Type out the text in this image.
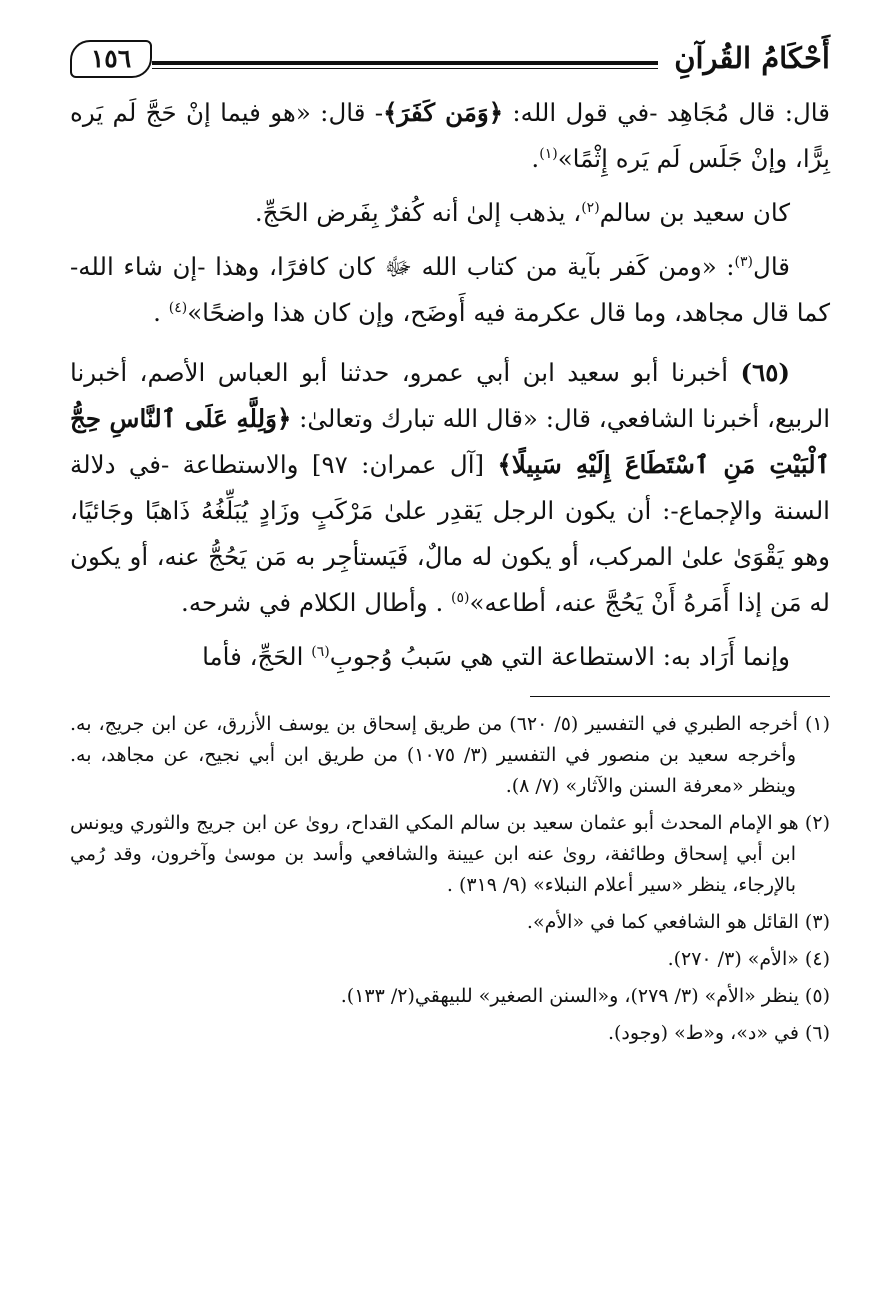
أَحْكَامُ القُرآنِ
١٥٦

قال: قال مُجَاهِد -في قول الله: ﴿وَمَن كَفَرَ﴾- قال: «هو فيما إنْ حَجَّ لَم يَره بِرًّا، وإنْ جَلَس لَم يَره إِثْمًا»$^{(١)}$.

كان سعيد بن سالم$^{(٢)}$، يذهب إلىٰ أنه كُفرٌ بِفَرض الحَجِّ.

قال$^{(٣)}$: «ومن كَفر بآية من كتاب الله ﷻ كان كافرًا، وهذا -إن شاء الله- كما قال مجاهد، وما قال عكرمة فيه أَوضَح، وإن كان هذا واضحًا»$^{(٤)}$ .

(٦٥) أخبرنا أبو سعيد ابن أبي عمرو، حدثنا أبو العباس الأصم، أخبرنا الربيع، أخبرنا الشافعي، قال: «قال الله تبارك وتعالىٰ: ﴿وَلِلَّهِ عَلَى ٱلنَّاسِ حِجُّ ٱلْبَيْتِ مَنِ ٱسْتَطَاعَ إِلَيْهِ سَبِيلًا﴾ [آل عمران: ٩٧] والاستطاعة -في دلالة السنة والإجماع-: أن يكون الرجل يَقدِر علىٰ مَرْكَبٍ وزَادٍ يُبَلِّغُهُ ذَاهبًا وجَائيًا، وهو يَقْوَىٰ علىٰ المركب، أو يكون له مالٌ، فَيَستأجِر به مَن يَحُجُّ عنه، أو يكون له مَن إذا أَمَرهُ أَنْ يَحُجَّ عنه، أطاعه»$^{(٥)}$ . وأطال الكلام في شرحه.

وإنما أَرَاد به: الاستطاعة التي هي سَببُ وُجوبِ$^{(٦)}$ الحَجِّ، فأما

(١) أخرجه الطبري في التفسير (٥/ ٦٢٠) من طريق إسحاق بن يوسف الأزرق، عن ابن جريج، به. وأخرجه سعيد بن منصور في التفسير (٣/ ١٠٧٥) من طريق ابن أبي نجيح، عن مجاهد، به. وينظر «معرفة السنن والآثار» (٧/ ٨).

(٢) هو الإمام المحدث أبو عثمان سعيد بن سالم المكي القداح، روىٰ عن ابن جريج والثوري ويونس ابن أبي إسحاق وطائفة، روىٰ عنه ابن عيينة والشافعي وأسد بن موسىٰ وآخرون، وقد رُمي بالإرجاء، ينظر «سير أعلام النبلاء» (٩/ ٣١٩) .

(٣) القائل هو الشافعي كما في «الأم».

(٤) «الأم» (٣/ ٢٧٠).

(٥) ينظر «الأم» (٣/ ٢٧٩)، و«السنن الصغير» للبيهقي(٢/ ١٣٣).

(٦) في «د»، و«ط» (وجود).
